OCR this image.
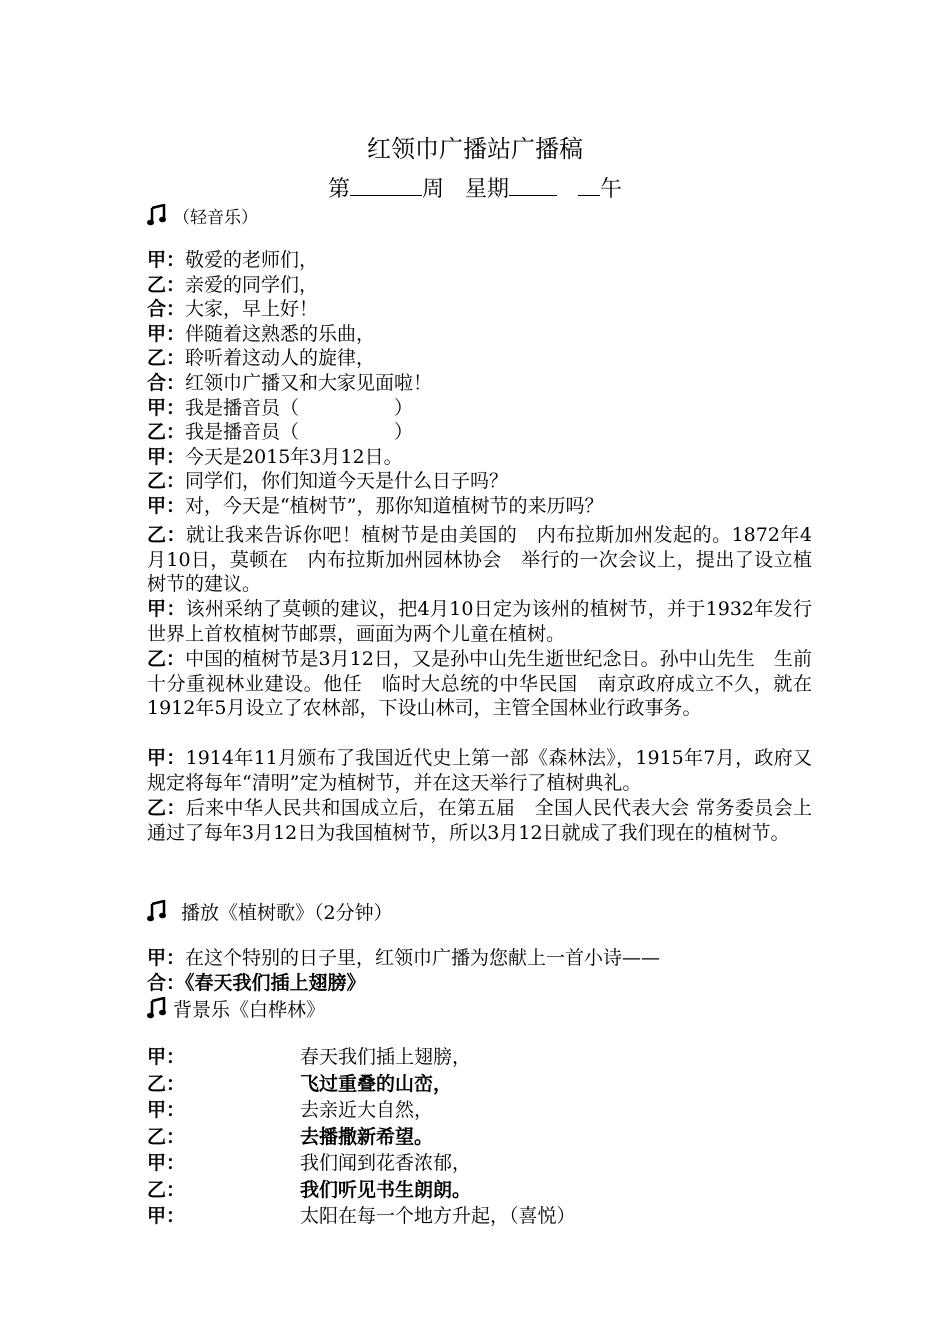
红领巾广播站广播稿
第	周 星期	午
（轻音乐）
甲：敬爱的老师们，
乙：亲爱的同学们，
合：大家，早上好！
甲：伴随着这熟悉的乐曲，
乙：聆听着这动人的旋律，
合：红领巾广播又和大家见面啦！
甲：我是播音员（　　　　　）
乙：我是播音员（　　　　　）
甲：今天是2015年3月12日。
乙：同学们，你们知道今天是什么日子吗？
甲：对，今天是“植树节”，那你知道植树节的来历吗？
乙：就让我来告诉你吧！植树节是由美国的　内布拉斯加州发起的。1872年4月10日，莫顿在　内布拉斯加州园林协会　举行的一次会议上，提出了设立植树节的建议。
甲：该州采纳了莫顿的建议，把4月10日定为该州的植树节，并于1932年发行世界上首枚植树节邮票，画面为两个儿童在植树。
乙：中国的植树节是3月12日，又是孙中山先生逝世纪念日。孙中山先生　生前十分重视林业建设。他任　临时大总统的中华民国　南京政府成立不久，就在1912年5月设立了农林部，下设山林司，主管全国林业行政事务。
甲：1914年11月颁布了我国近代史上第一部《森林法》，1915年7月，政府又规定将每年“清明”定为植树节，并在这天举行了植树典礼。
乙：后来中华人民共和国成立后，在第五届　全国人民代表大会 常务委员会上　通过了每年3月12日为我国植树节，所以3月12日就成了我们现在的植树节。
播放《植树歌》（2分钟）
甲：在这个特别的日子里，红领巾广播为您献上一首小诗——
合：《春天我们插上翅膀》
背景乐《白桦林》
甲：	春天我们插上翅膀，
乙：	飞过重叠的山峦，
甲：	去亲近大自然，
乙：	去播撒新希望。
甲：	我们闻到花香浓郁，
乙：	我们听见书生朗朗。
甲：	太阳在每一个地方升起，（喜悦）
